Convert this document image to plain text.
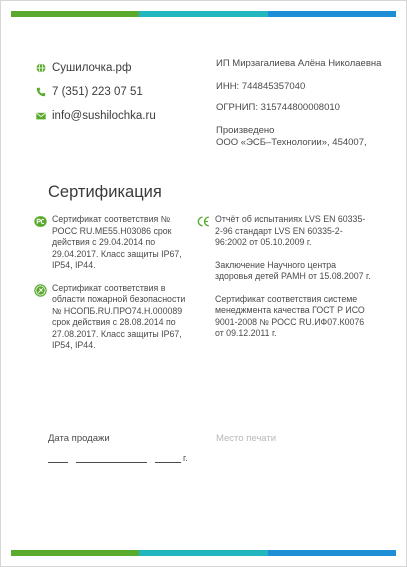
Сушилочка.рф
7 (351) 223 07 51
info@sushilochka.ru
ИП Мирзагалиева Алёна Николаевна
ИНН: 744845357040
ОГРНИП: 315744800008010
Произведено
ООО «ЭСБ–Технологии», 454007,
Сертификация
Сертификат соответствия № РОСС RU.ME55.H03086 срок действия с 29.04.2014 по 29.04.2017. Класс защиты IP67, IP54, IP44.
Сертификат соответствия в области пожарной безопасности № НСОПБ.RU.ПРО74.Н.000089 срок действия с 28.08.2014 по 27.08.2017. Класс защиты IP67, IP54, IP44.
Отчёт об испытаниях LVS EN 60335-2-96 стандарт LVS EN 60335-2-96:2002 от 05.10.2009 г.
Заключение Научного центра здоровья детей РАМН от 15.08.2007 г.
Сертификат соответствия системе менеджмента качества ГОСТ Р ИСО 9001-2008 № РОСС RU.ИФ07.К0076 от 09.12.2011 г.
Дата продажи	Место печати
г.
